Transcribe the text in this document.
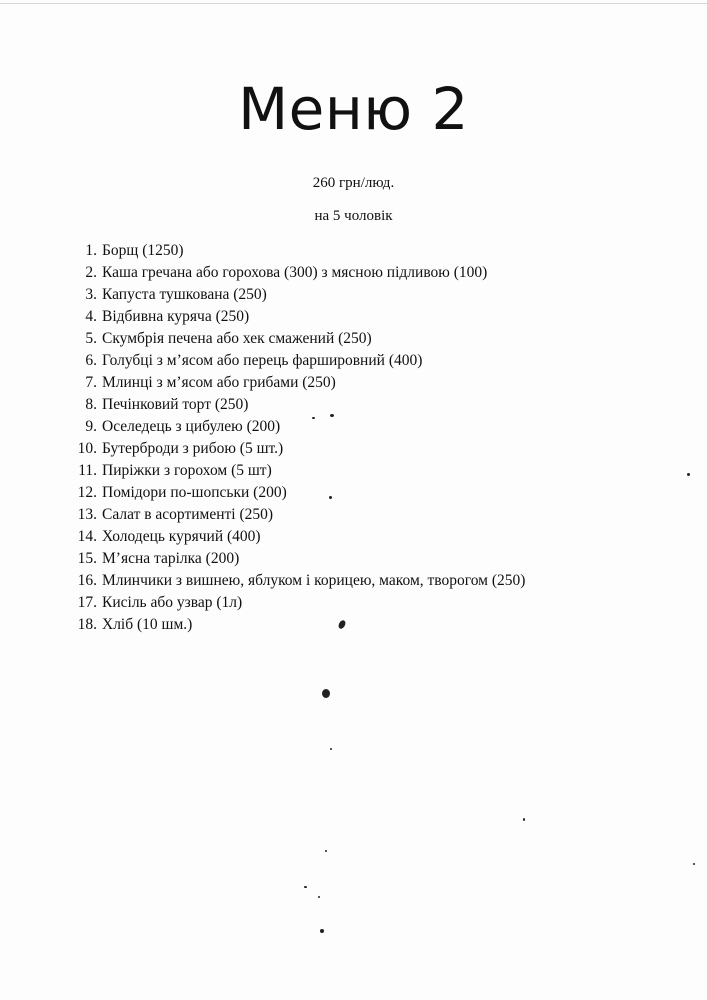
Меню 2
260 грн/люд.
на 5 чоловік
1. Борщ (1250)
2. Каша гречана або горохова (300) з мясною підливою (100)
3. Капуста тушкована (250)
4. Відбивна куряча (250)
5. Скумбрія печена або хек смажений (250)
6. Голубці з м’ясом або перець фаршировний (400)
7. Млинці з м’ясом або грибами (250)
8. Печінковий торт (250)
9. Оселедець з цибулею (200)
10. Бутерброди з рибою (5 шт.)
11. Пиріжки з горохом (5 шт)
12. Помідори по-шопськи (200)
13. Салат в асортименті (250)
14. Холодець курячий (400)
15. М’ясна тарілка (200)
16. Млинчики з вишнею, яблуком і корицею, маком, творогом (250)
17. Кисіль або узвар (1л)
18. Хліб (10 шм.)
